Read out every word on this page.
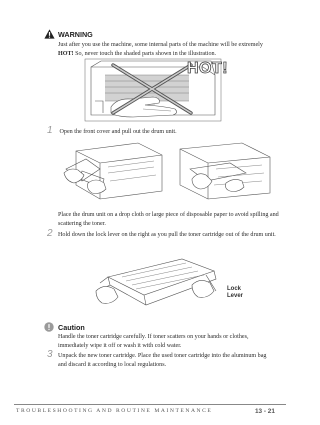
WARNING
Just after you use the machine, some internal parts of the machine will be extremely HOT! So, never touch the shaded parts shown in the illustration.
HOT!
1 Open the front cover and pull out the drum unit.
Place the drum unit on a drop cloth or large piece of disposable paper to avoid spilling and scattering the toner.
2 Hold down the lock lever on the right as you pull the toner cartridge out of the drum unit.
Lock
Lever
Caution
Handle the toner cartridge carefully. If toner scatters on your hands or clothes, immediately wipe it off or wash it with cold water.
3 Unpack the new toner cartridge. Place the used toner cartridge into the aluminum bag and discard it according to local regulations.
TROUBLESHOOTING AND ROUTINE MAINTENANCE	13 - 21
